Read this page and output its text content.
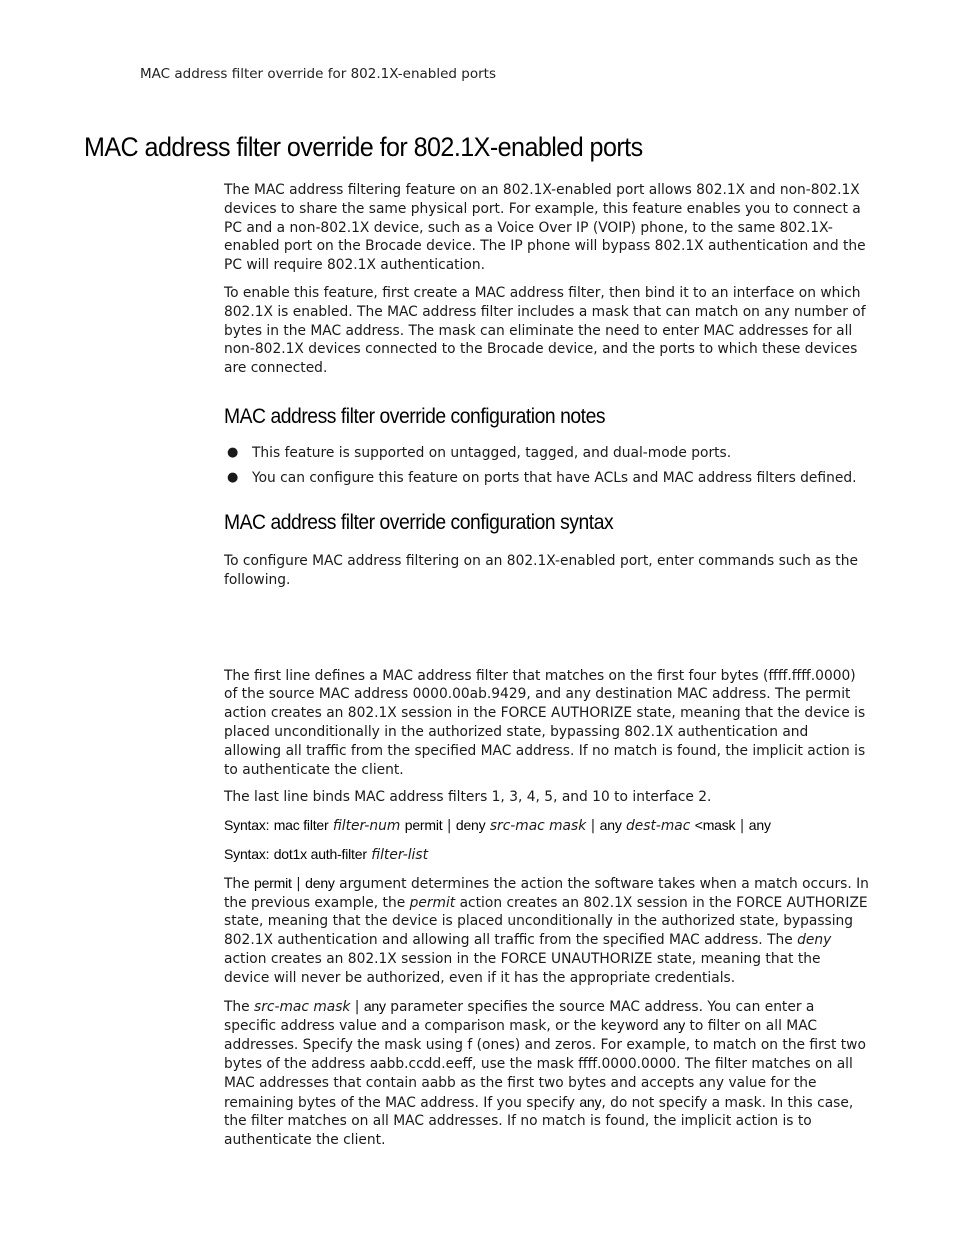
MAC address filter override for 802.1X-enabled ports
MAC address filter override for 802.1X-enabled ports

The MAC address filtering feature on an 802.1X-enabled port allows 802.1X and non-802.1X devices to share the same physical port. For example, this feature enables you to connect a PC and a non-802.1X device, such as a Voice Over IP (VOIP) phone, to the same 802.1X-enabled port on the Brocade device. The IP phone will bypass 802.1X authentication and the PC will require 802.1X authentication.

To enable this feature, first create a MAC address filter, then bind it to an interface on which 802.1X is enabled. The MAC address filter includes a mask that can match on any number of bytes in the MAC address. The mask can eliminate the need to enter MAC addresses for all non-802.1X devices connected to the Brocade device, and the ports to which these devices are connected.

MAC address filter override configuration notes
● This feature is supported on untagged, tagged, and dual-mode ports.
● You can configure this feature on ports that have ACLs and MAC address filters defined.
MAC address filter override configuration syntax

To configure MAC address filtering on an 802.1X-enabled port, enter commands such as the following.

The first line defines a MAC address filter that matches on the first four bytes (ffff.ffff.0000) of the source MAC address 0000.00ab.9429, and any destination MAC address. The permit action creates an 802.1X session in the FORCE AUTHORIZE state, meaning that the device is placed unconditionally in the authorized state, bypassing 802.1X authentication and allowing all traffic from the specified MAC address. If no match is found, the implicit action is to authenticate the client.

The last line binds MAC address filters 1, 3, 4, 5, and 10 to interface 2.

Syntax: mac filter filter-num permit | deny src-mac mask | any dest-mac <mask | any
Syntax: dot1x auth-filter filter-list

The permit | deny argument determines the action the software takes when a match occurs. In the previous example, the permit action creates an 802.1X session in the FORCE AUTHORIZE state, meaning that the device is placed unconditionally in the authorized state, bypassing 802.1X authentication and allowing all traffic from the specified MAC address. The deny action creates an 802.1X session in the FORCE UNAUTHORIZE state, meaning that the device will never be authorized, even if it has the appropriate credentials.

The src-mac mask | any parameter specifies the source MAC address. You can enter a specific address value and a comparison mask, or the keyword any to filter on all MAC addresses. Specify the mask using f (ones) and zeros. For example, to match on the first two bytes of the address aabb.ccdd.eeff, use the mask ffff.0000.0000. The filter matches on all MAC addresses that contain aabb as the first two bytes and accepts any value for the remaining bytes of the MAC address. If you specify any, do not specify a mask. In this case, the filter matches on all MAC addresses. If no match is found, the implicit action is to authenticate the client.
